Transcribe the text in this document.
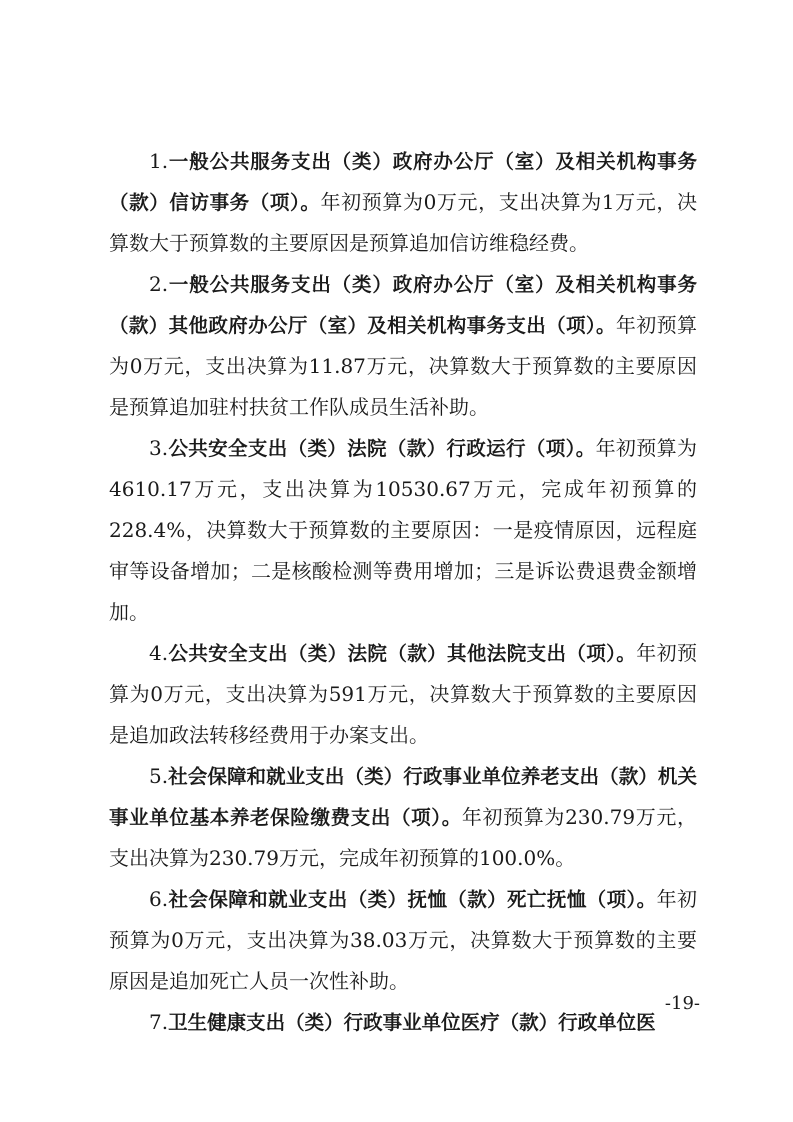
1.一般公共服务支出（类）政府办公厅（室）及相关机构事务（款）信访事务（项）。年初预算为0万元，支出决算为1万元，决算数大于预算数的主要原因是预算追加信访维稳经费。

2.一般公共服务支出（类）政府办公厅（室）及相关机构事务（款）其他政府办公厅（室）及相关机构事务支出（项）。年初预算为0万元，支出决算为11.87万元，决算数大于预算数的主要原因是预算追加驻村扶贫工作队成员生活补助。

3.公共安全支出（类）法院（款）行政运行（项）。年初预算为4610.17万元，支出决算为10530.67万元，完成年初预算的228.4%，决算数大于预算数的主要原因：一是疫情原因，远程庭审等设备增加；二是核酸检测等费用增加；三是诉讼费退费金额增加。

4.公共安全支出（类）法院（款）其他法院支出（项）。年初预算为0万元，支出决算为591万元，决算数大于预算数的主要原因是追加政法转移经费用于办案支出。

5.社会保障和就业支出（类）行政事业单位养老支出（款）机关事业单位基本养老保险缴费支出（项）。年初预算为230.79万元，支出决算为230.79万元，完成年初预算的100.0%。

6.社会保障和就业支出（类）抚恤（款）死亡抚恤（项）。年初预算为0万元，支出决算为38.03万元，决算数大于预算数的主要原因是追加死亡人员一次性补助。

7.卫生健康支出（类）行政事业单位医疗（款）行政单位医

-19-
